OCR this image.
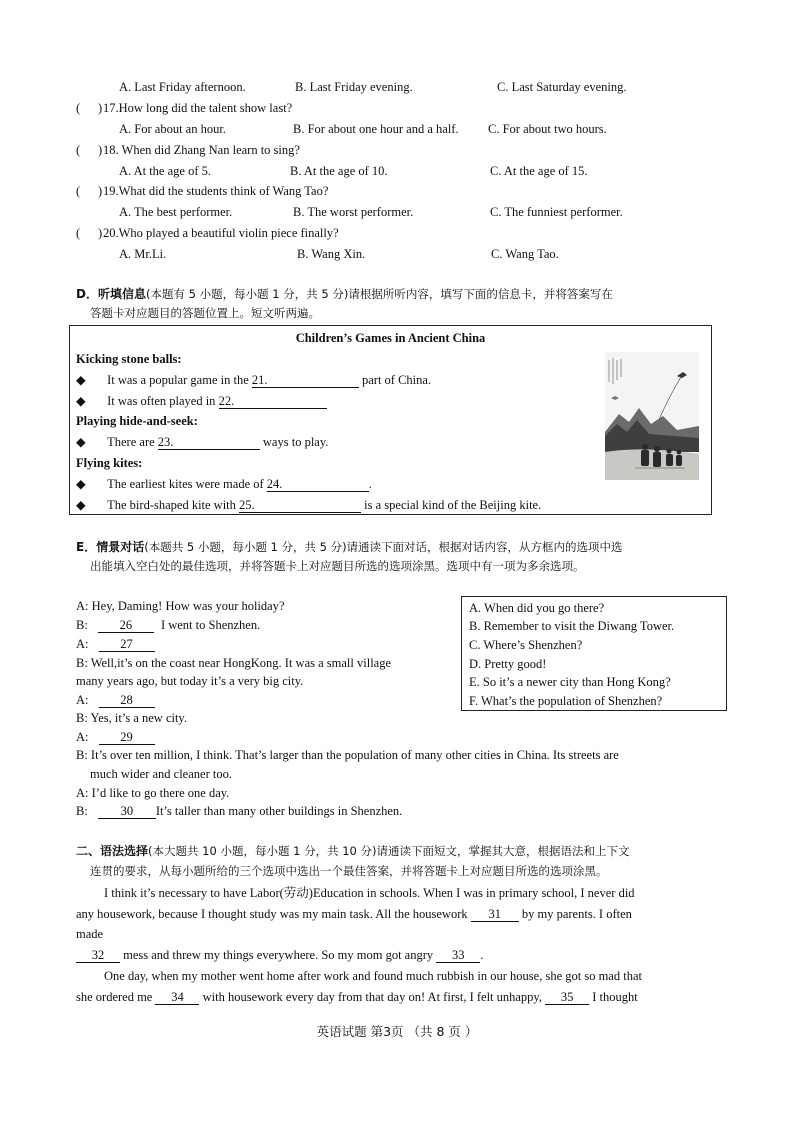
A. Last Friday afternoon.	B. Last Friday evening.	C. Last Saturday evening.
( ) 17.How long did the talent show last?
A. For about an hour.	B. For about one hour and a half. C. For about two hours.
( ) 18. When did Zhang Nan learn to sing?
A. At the age of 5.	B. At the age of 10.	C. At the age of 15.
( ) 19.What did the students think of Wang Tao?
A. The best performer.	B. The worst performer.	C. The funniest performer.
( ) 20.Who played a beautiful violin piece finally?
A. Mr.Li.	B. Wang Xin.	C. Wang Tao.
D．听填信息(本题有 5 小题，每小题 1 分，共 5 分)请根据所听内容，填写下面的信息卡，并将答案写在
答题卡对应题目的答题位置上。短文听两遍。
Children’s Games in Ancient China
Kicking stone balls:
◆ It was a popular game in the 21.	part of China.
◆ It was often played in 22.
Playing hide-and-seek:
◆ There are 23.	ways to play.
Flying kites:
◆ The earliest kites were made of 24.	.
◆ The bird-shaped kite with 25.	is a special kind of the Beijing kite.
E．情景对话(本题共 5 小题，每小题 1 分，共 5 分)请通读下面对话，根据对话内容，从方框内的选项中选
出能填入空白处的最佳选项，并将答题卡上对应题目所选的选项涂黑。选项中有一项为多余选项。
A: Hey, Daming! How was your holiday?
B:	26 I went to Shenzhen.
A:	27
B: Well,it’s on the coast near HongKong. It was a small village
many years ago, but today it’s a very big city.
A:	28
B: Yes, it’s a new city.
A:	29
B: It’s over ten million, I think. That’s larger than the population of many other cities in China. Its streets are
much wider and cleaner too.
A: I’d like to go there one day.
B:	30 It’s taller than many other buildings in Shenzhen.
A. When did you go there?
B. Remember to visit the Diwang Tower.
C. Where’s Shenzhen?
D. Pretty good!
E. So it’s a newer city than Hong Kong?
F. What’s the population of Shenzhen?
二、语法选择(本大题共 10 小题，每小题 1 分，共 10 分)请通读下面短文，掌握其大意，根据语法和上下文
连贯的要求，从每小题所给的三个选项中选出一个最佳答案，并将答题卡上对应题目所选的选项涂黑。
I think it’s necessary to have Labor(劳动)Education in schools. When I was in primary school, I never did
any housework, because I thought study was my main task. All the housework 31 by my parents. I often
made
32 mess and threw my things everywhere. So my mom got angry 33 .
One day, when my mother went home after work and found much rubbish in our house, she got so mad that
she ordered me 34 with housework every day from that day on! At first, I felt unhappy, 35 I thought
英语试题 第3页 （共 8 页 ）
